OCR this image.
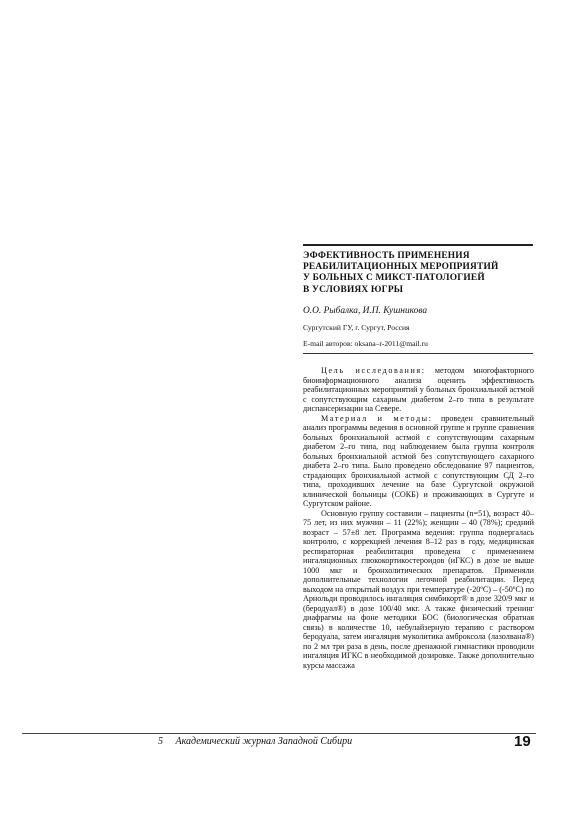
ЭФФЕКТИВНОСТЬ ПРИМЕНЕНИЯ
РЕАБИЛИТАЦИОННЫХ МЕРОПРИЯТИЙ
У БОЛЬНЫХ С МИКСТ-ПАТОЛОГИЕЙ
В УСЛОВИЯХ ЮГРЫ
О.О. Рыбалка, И.П. Кушникова
Сургутский ГУ, г. Сургут, Россия
E-mail авторов: oksana–r-2011@mail.ru

Цель исследования: методом многофакторного биоинформационного анализа оценить эффективность реабилитационных мероприятий у больных бронхиальной астмой с сопутствующим сахарным диабетом 2–го типа в результате диспансеризации на Севере.

Материал и методы: проведен сравнительный анализ программы ведения в основной группе и группе сравнения больных бронхиальной астмой с сопутствующим сахарным диабетом 2–го типа, под наблюдением была группа контроля больных бронхиальной астмой без сопутствующего сахарного диабета 2–го типа. Было проведено обследование 97 пациентов, страдающих бронхиальной астмой с сопутствующим СД 2–го типа, проходивших лечение на базе Сургутской окружной клинической больницы (СОКБ) и проживающих в Сургуте и Сургутском районе.

Основную группу составили – пациенты (n=51), возраст 40–75 лет, из них мужчин – 11 (22%); женщин – 40 (78%); средний возраст – 57±8 лет. Программа ведения: группа подвергалась контролю, с коррекцией лечения 8–12 раз в году, медицинская респираторная реабилитация проведена с применением ингаляционных глюкокортикостероидов (иГКС) в дозе не выше 1000 мкг и бронхолитических препаратов. Применяли дополнительные технологии легочной реабилитации. Перед выходом на открытый воздух при температуре (-20ºС) – (-50ºС) по Арнольди проводилось ингаляция симбикорт® в дозе 320/9 мкг и (беродуал®) в дозе 100/40 мкг. А также физический тренинг диафрагмы на фоне методики БОС (биологическая обратная связь) в количестве 10, небулайзерную терапию с раствором беродуала, затем ингаляция муколитика амброксола (лазолвана®) по 2 мл три раза в день, после дренажной гимнастики проводили ингаляция ИГКС в необходимой дозировке. Также дополнительно курсы массажа

5 Академический журнал Западной Сибири	19
